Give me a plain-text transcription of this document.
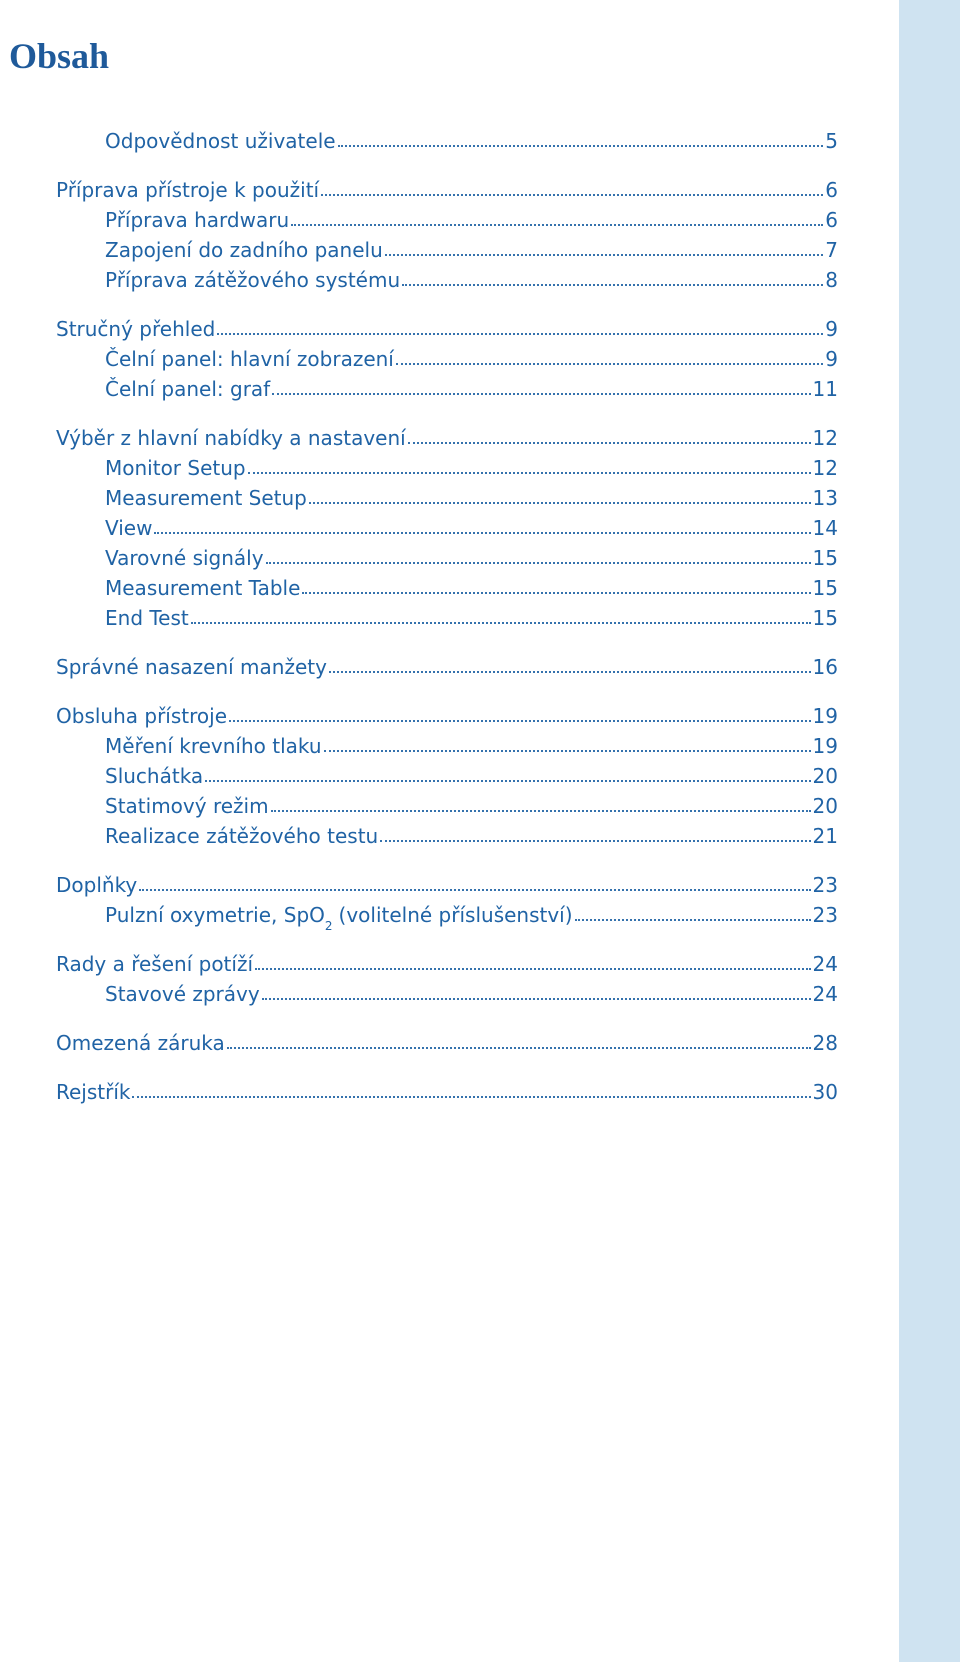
Obsah
Odpovědnost uživatele	5
Příprava přístroje k použití	6
Příprava hardwaru	6
Zapojení do zadního panelu	7
Příprava zátěžového systému	8
Stručný přehled	9
Čelní panel: hlavní zobrazení	9
Čelní panel: graf	11
Výběr z hlavní nabídky a nastavení	12
Monitor Setup	12
Measurement Setup	13
View	14
Varovné signály	15
Measurement Table	15
End Test	15
Správné nasazení manžety	16
Obsluha přístroje	19
Měření krevního tlaku	19
Sluchátka	20
Statimový režim	20
Realizace zátěžového testu	21
Doplňky	23
Pulzní oxymetrie, SpO 2 (volitelné příslušenství)	23
Rady a řešení potíží	24
Stavové zprávy	24
Omezená záruka	28
Rejstřík	30
